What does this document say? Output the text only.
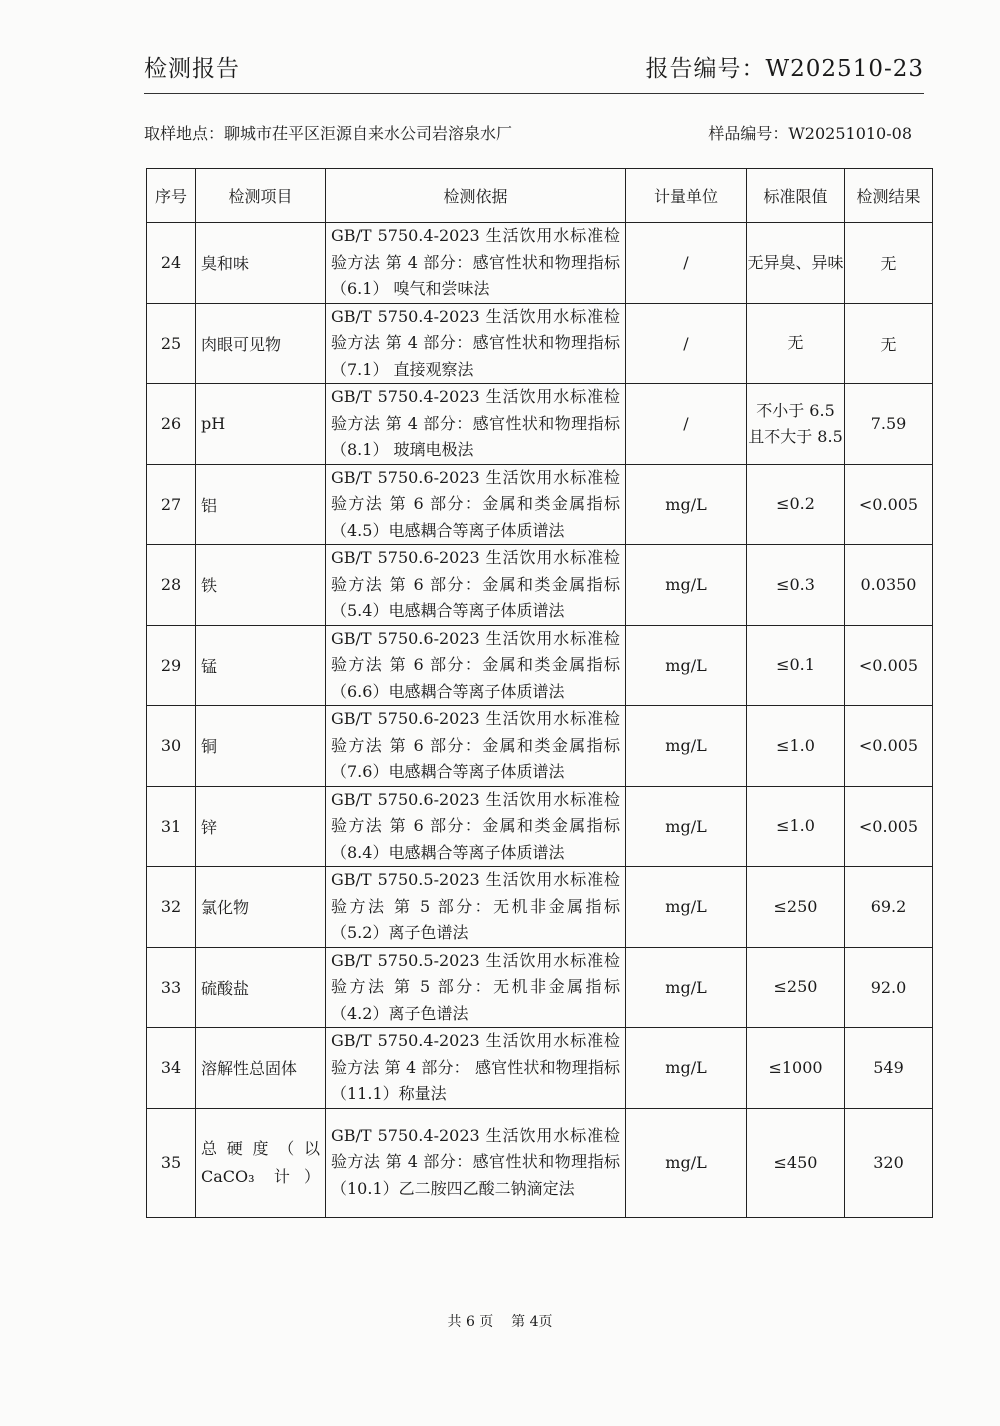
检测报告	报告编号：W202510-23
取样地点：聊城市茌平区洰源自来水公司岩溶泉水厂	样品编号：W20251010-08
序号	检测项目	检测依据	计量单位	标准限值	检测结果
24	臭和味	GB/T 5750.4-2023 生活饮用水标准检验方法 第 4 部分：感官性状和物理指标（6.1） 嗅气和尝味法	/	无异臭、异味	无
25	肉眼可见物	GB/T 5750.4-2023 生活饮用水标准检验方法 第 4 部分：感官性状和物理指标（7.1） 直接观察法	/	无	无
26	pH	GB/T 5750.4-2023 生活饮用水标准检验方法 第 4 部分：感官性状和物理指标（8.1） 玻璃电极法	/	不小于 6.5 且不大于 8.5	7.59
27	铝	GB/T 5750.6-2023 生活饮用水标准检验方法 第 6 部分：金属和类金属指标（4.5）电感耦合等离子体质谱法	mg/L	≤0.2	<0.005
28	铁	GB/T 5750.6-2023 生活饮用水标准检验方法 第 6 部分：金属和类金属指标（5.4）电感耦合等离子体质谱法	mg/L	≤0.3	0.0350
29	锰	GB/T 5750.6-2023 生活饮用水标准检验方法 第 6 部分：金属和类金属指标（6.6）电感耦合等离子体质谱法	mg/L	≤0.1	<0.005
30	铜	GB/T 5750.6-2023 生活饮用水标准检验方法 第 6 部分：金属和类金属指标（7.6）电感耦合等离子体质谱法	mg/L	≤1.0	<0.005
31	锌	GB/T 5750.6-2023 生活饮用水标准检验方法 第 6 部分：金属和类金属指标（8.4）电感耦合等离子体质谱法	mg/L	≤1.0	<0.005
32	氯化物	GB/T 5750.5-2023 生活饮用水标准检验方法 第 5 部分：无机非金属指标（5.2）离子色谱法	mg/L	≤250	69.2
33	硫酸盐	GB/T 5750.5-2023 生活饮用水标准检验方法 第 5 部分：无机非金属指标（4.2）离子色谱法	mg/L	≤250	92.0
34	溶解性总固体	GB/T 5750.4-2023 生活饮用水标准检验方法 第 4 部分： 感官性状和物理指标（11.1）称量法	mg/L	≤1000	549
35	总硬度（以 CaCO₃ 计）	GB/T 5750.4-2023 生活饮用水标准检验方法 第 4 部分：感官性状和物理指标 （10.1）乙二胺四乙酸二钠滴定法	mg/L	≤450	320
共 6 页 第 4页
